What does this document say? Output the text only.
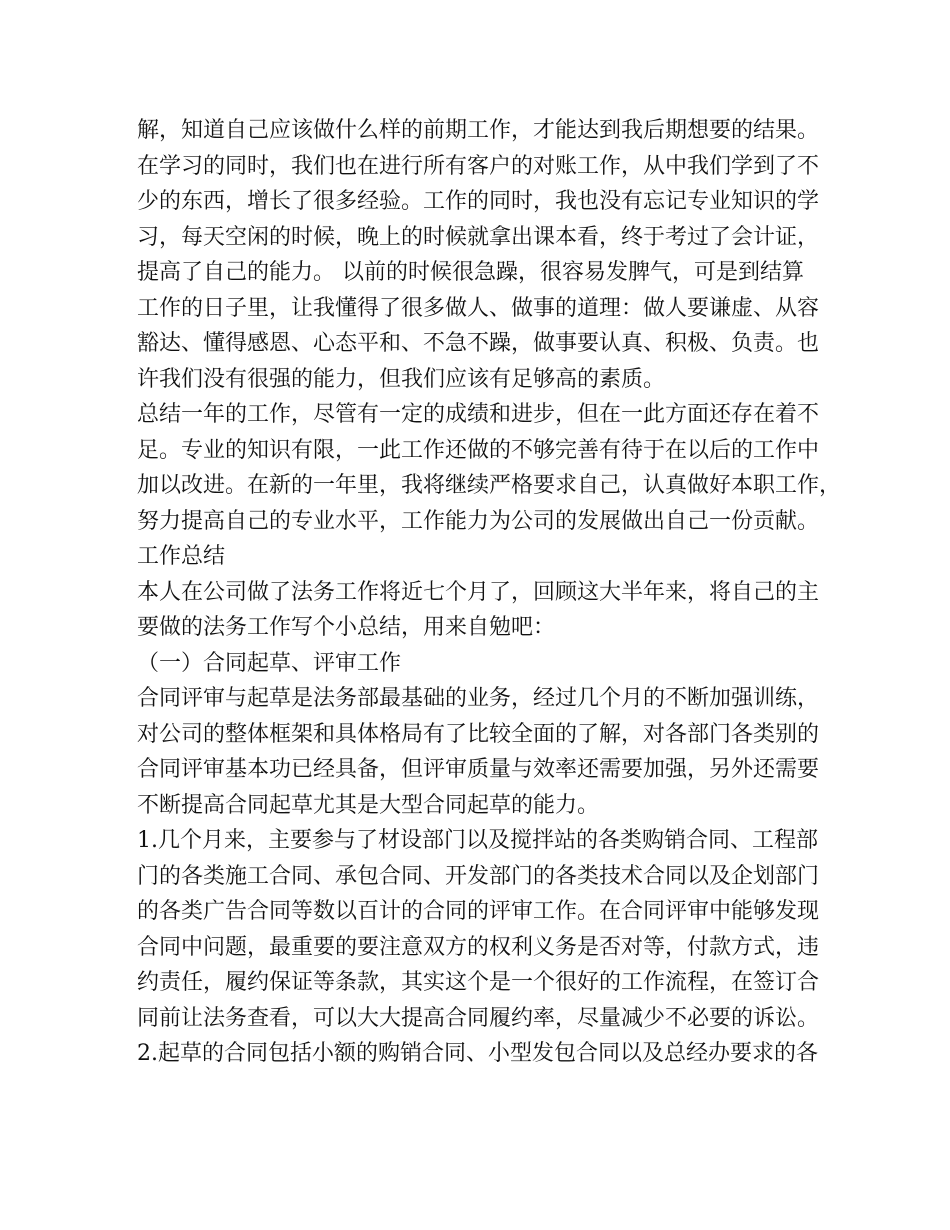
解，知道自己应该做什么样的前期工作，才能达到我后期想要的结果。
在学习的同时，我们也在进行所有客户的对账工作，从中我们学到了不
少的东西，增长了很多经验。工作的同时，我也没有忘记专业知识的学
习，每天空闲的时候，晚上的时候就拿出课本看，终于考过了会计证，
提高了自己的能力。 以前的时候很急躁，很容易发脾气，可是到结算
工作的日子里，让我懂得了很多做人、做事的道理：做人要谦虚、从容
豁达、懂得感恩、心态平和、不急不躁，做事要认真、积极、负责。也
许我们没有很强的能力，但我们应该有足够高的素质。
总结一年的工作，尽管有一定的成绩和进步，但在一此方面还存在着不
足。专业的知识有限，一此工作还做的不够完善有待于在以后的工作中
加以改进。在新的一年里，我将继续严格要求自己，认真做好本职工作，
努力提高自己的专业水平，工作能力为公司的发展做出自己一份贡献。
工作总结
本人在公司做了法务工作将近七个月了，回顾这大半年来，将自己的主
要做的法务工作写个小总结，用来自勉吧：
（一）合同起草、评审工作
合同评审与起草是法务部最基础的业务，经过几个月的不断加强训练，
对公司的整体框架和具体格局有了比较全面的了解，对各部门各类别的
合同评审基本功已经具备，但评审质量与效率还需要加强，另外还需要
不断提高合同起草尤其是大型合同起草的能力。
1.几个月来，主要参与了材设部门以及搅拌站的各类购销合同、工程部
门的各类施工合同、承包合同、开发部门的各类技术合同以及企划部门
的各类广告合同等数以百计的合同的评审工作。在合同评审中能够发现
合同中问题，最重要的要注意双方的权利义务是否对等，付款方式，违
约责任，履约保证等条款，其实这个是一个很好的工作流程，在签订合
同前让法务查看，可以大大提高合同履约率，尽量减少不必要的诉讼。
2.起草的合同包括小额的购销合同、小型发包合同以及总经办要求的各
